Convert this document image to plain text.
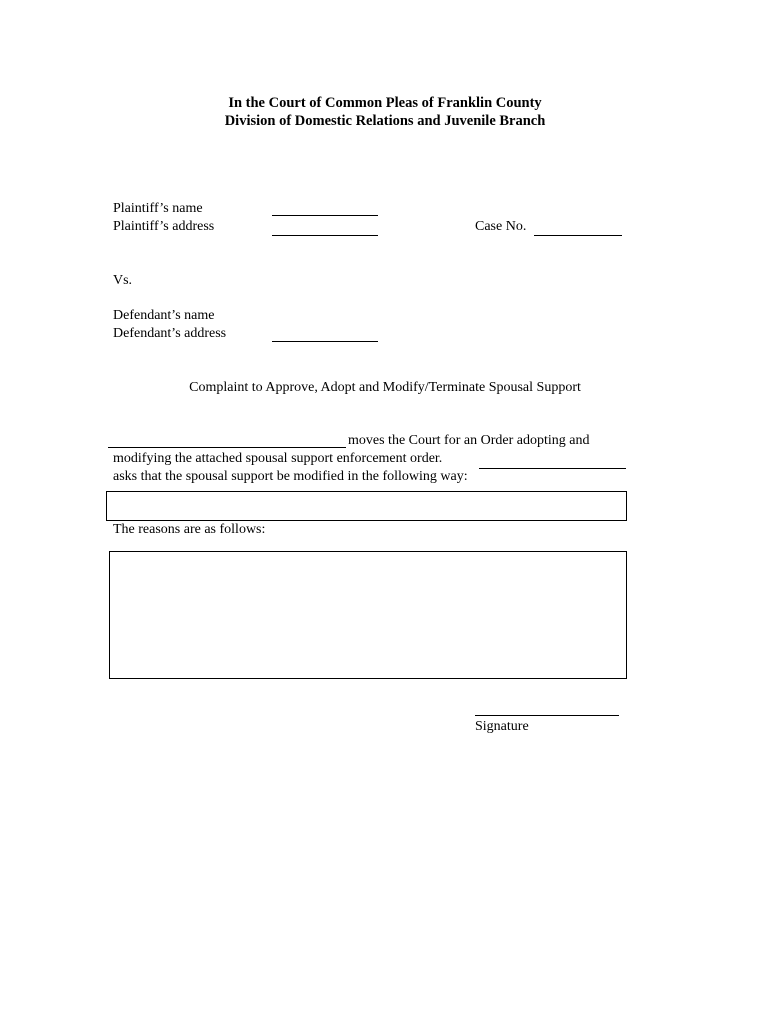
In the Court of Common Pleas of Franklin County
Division of Domestic Relations and Juvenile Branch
Plaintiff’s name
Plaintiff’s address	Case No.
Vs.
Defendant’s name
Defendant’s address
Complaint to Approve, Adopt and Modify/Terminate Spousal Support
moves the Court for an Order adopting and
modifying the attached spousal support enforcement order.
asks that the spousal support be modified in the following way:
The reasons are as follows:
Signature
